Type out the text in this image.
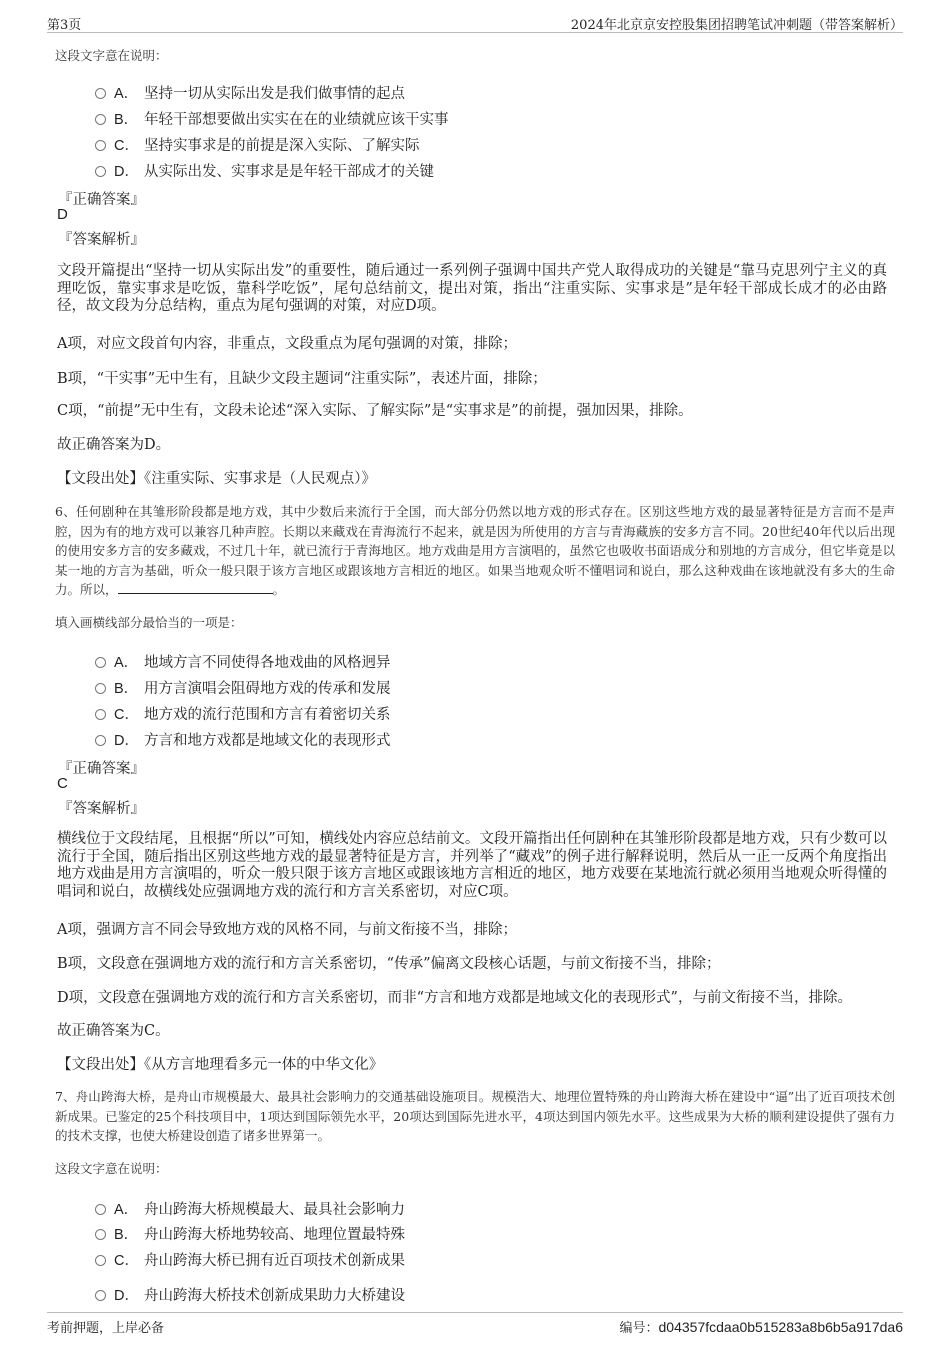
第3页	2024年北京京安控股集团招聘笔试冲刺题（带答案解析）
这段文字意在说明：
A． 坚持一切从实际出发是我们做事情的起点
B． 年轻干部想要做出实实在在的业绩就应该干实事
C． 坚持实事求是的前提是深入实际、了解实际
D． 从实际出发、实事求是是年轻干部成才的关键
『正确答案』
D
『答案解析』
文段开篇提出“坚持一切从实际出发”的重要性，随后通过一系列例子强调中国共产党人取得成功的关键是“靠马克思列宁主义的真理吃饭，靠实事求是吃饭，靠科学吃饭”，尾句总结前文，提出对策，指出“注重实际、实事求是”是年轻干部成长成才的必由路径，故文段为分总结构，重点为尾句强调的对策，对应D项。
A项，对应文段首句内容，非重点，文段重点为尾句强调的对策，排除；
B项，“干实事”无中生有，且缺少文段主题词“注重实际”，表述片面，排除；
C项，“前提”无中生有，文段未论述“深入实际、了解实际”是“实事求是”的前提，强加因果，排除。
故正确答案为D。
【文段出处】《注重实际、实事求是（人民观点）》
6、任何剧种在其雏形阶段都是地方戏，其中少数后来流行于全国，而大部分仍然以地方戏的形式存在。区别这些地方戏的最显著特征是方言而不是声腔，因为有的地方戏可以兼容几种声腔。长期以来藏戏在青海流行不起来，就是因为所使用的方言与青海藏族的安多方言不同。20世纪40年代以后出现的使用安多方言的安多藏戏，不过几十年，就已流行于青海地区。地方戏曲是用方言演唱的，虽然它也吸收书面语成分和别地的方言成分，但它毕竟是以某一地的方言为基础，听众一般只限于该方言地区或跟该地方言相近的地区。如果当地观众听不懂唱词和说白，那么这种戏曲在该地就没有多大的生命力。所以，	。
填入画横线部分最恰当的一项是：
A． 地域方言不同使得各地戏曲的风格迥异
B． 用方言演唱会阻碍地方戏的传承和发展
C． 地方戏的流行范围和方言有着密切关系
D． 方言和地方戏都是地域文化的表现形式
『正确答案』
C
『答案解析』
横线位于文段结尾，且根据“所以”可知，横线处内容应总结前文。文段开篇指出任何剧种在其雏形阶段都是地方戏，只有少数可以流行于全国，随后指出区别这些地方戏的最显著特征是方言，并列举了“藏戏”的例子进行解释说明，然后从一正一反两个角度指出地方戏曲是用方言演唱的，听众一般只限于该方言地区或跟该地方言相近的地区，地方戏要在某地流行就必须用当地观众听得懂的唱词和说白，故横线处应强调地方戏的流行和方言关系密切，对应C项。
A项，强调方言不同会导致地方戏的风格不同，与前文衔接不当，排除；
B项，文段意在强调地方戏的流行和方言关系密切，“传承”偏离文段核心话题，与前文衔接不当，排除；
D项，文段意在强调地方戏的流行和方言关系密切，而非“方言和地方戏都是地域文化的表现形式”，与前文衔接不当，排除。
故正确答案为C。
【文段出处】《从方言地理看多元一体的中华文化》
7、舟山跨海大桥，是舟山市规模最大、最具社会影响力的交通基础设施项目。规模浩大、地理位置特殊的舟山跨海大桥在建设中“逼”出了近百项技术创新成果。已鉴定的25个科技项目中，1项达到国际领先水平，20项达到国际先进水平，4项达到国内领先水平。这些成果为大桥的顺利建设提供了强有力的技术支撑，也使大桥建设创造了诸多世界第一。
这段文字意在说明：
A． 舟山跨海大桥规模最大、最具社会影响力
B． 舟山跨海大桥地势较高、地理位置最特殊
C． 舟山跨海大桥已拥有近百项技术创新成果
D． 舟山跨海大桥技术创新成果助力大桥建设
考前押题，上岸必备	编号：d04357fcdaa0b515283a8b6b5a917da6
